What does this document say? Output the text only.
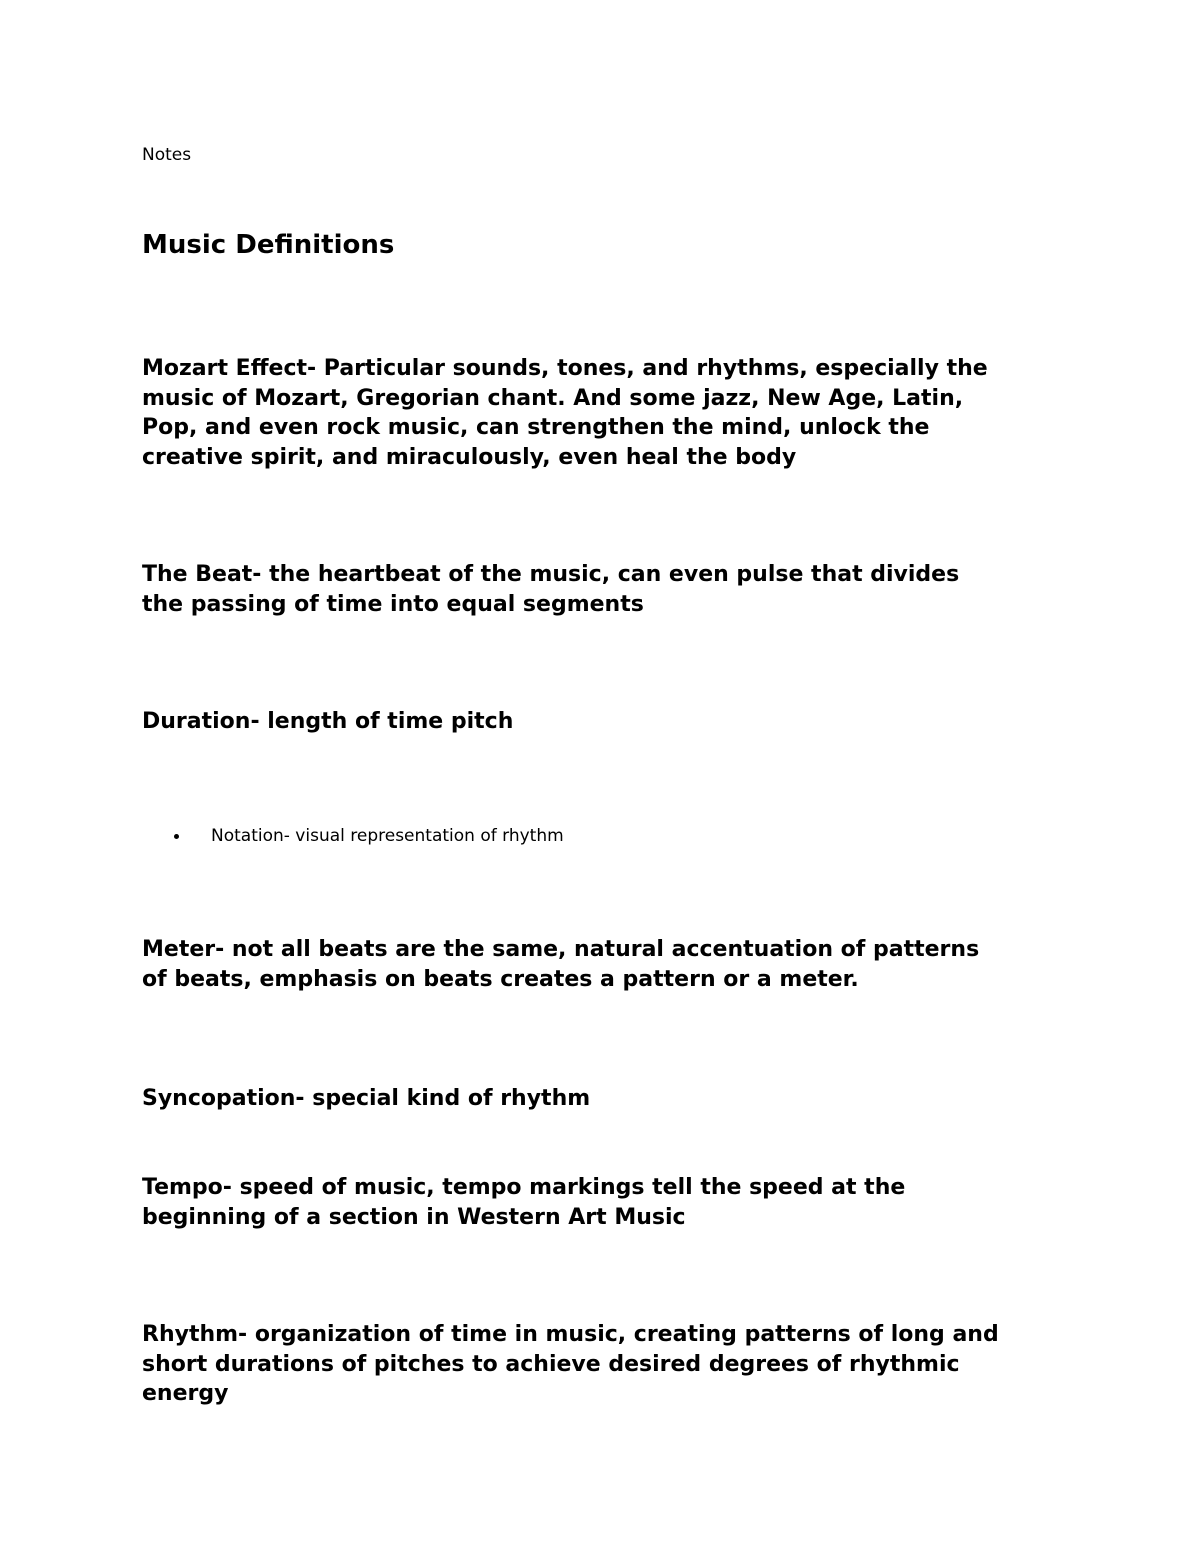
Notes
Music Definitions
Mozart Effect- Particular sounds, tones, and rhythms, especially the
music of Mozart, Gregorian chant. And some jazz, New Age, Latin,
Pop, and even rock music, can strengthen the mind, unlock the
creative spirit, and miraculously, even heal the body
The Beat- the heartbeat of the music, can even pulse that divides
the passing of time into equal segments
Duration- length of time pitch
Notation- visual representation of rhythm
Meter- not all beats are the same, natural accentuation of patterns
of beats, emphasis on beats creates a pattern or a meter.
Syncopation- special kind of rhythm
Tempo- speed of music, tempo markings tell the speed at the
beginning of a section in Western Art Music
Rhythm- organization of time in music, creating patterns of long and
short durations of pitches to achieve desired degrees of rhythmic
energy
